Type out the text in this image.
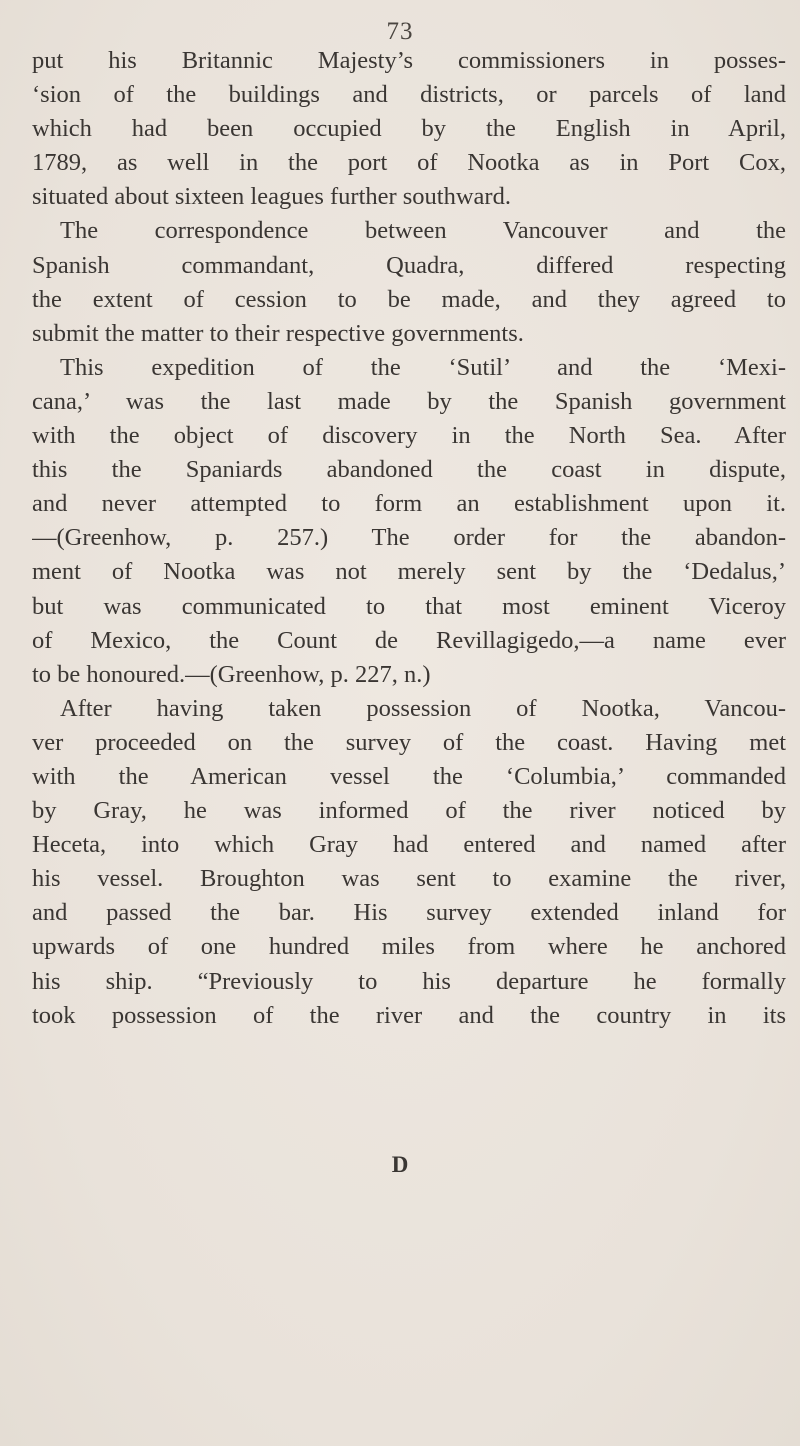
73
put his Britannic Majesty’s commissioners in posses-
‘sion of the buildings and districts, or parcels of land
which had been occupied by the English in April,
1789, as well in the port of Nootka as in Port Cox,
situated about sixteen leagues further southward.
The correspondence between Vancouver and the
Spanish commandant, Quadra, differed respecting
the extent of cession to be made, and they agreed to
submit the matter to their respective governments.
This expedition of the ‘Sutil’ and the ‘Mexi-
cana,’ was the last made by the Spanish government
with the object of discovery in the North Sea. After
this the Spaniards abandoned the coast in dispute,
and never attempted to form an establishment upon it.
—(Greenhow, p. 257.) The order for the abandon-
ment of Nootka was not merely sent by the ‘Dedalus,’
but was communicated to that most eminent Viceroy
of Mexico, the Count de Revillagigedo,—a name ever
to be honoured.—(Greenhow, p. 227, n.)
After having taken possession of Nootka, Vancou-
ver proceeded on the survey of the coast. Having met
with the American vessel the ‘Columbia,’ commanded
by Gray, he was informed of the river noticed by
Heceta, into which Gray had entered and named after
his vessel. Broughton was sent to examine the river,
and passed the bar. His survey extended inland for
upwards of one hundred miles from where he anchored
his ship. “Previously to his departure he formally
took possession of the river and the country in its
D
